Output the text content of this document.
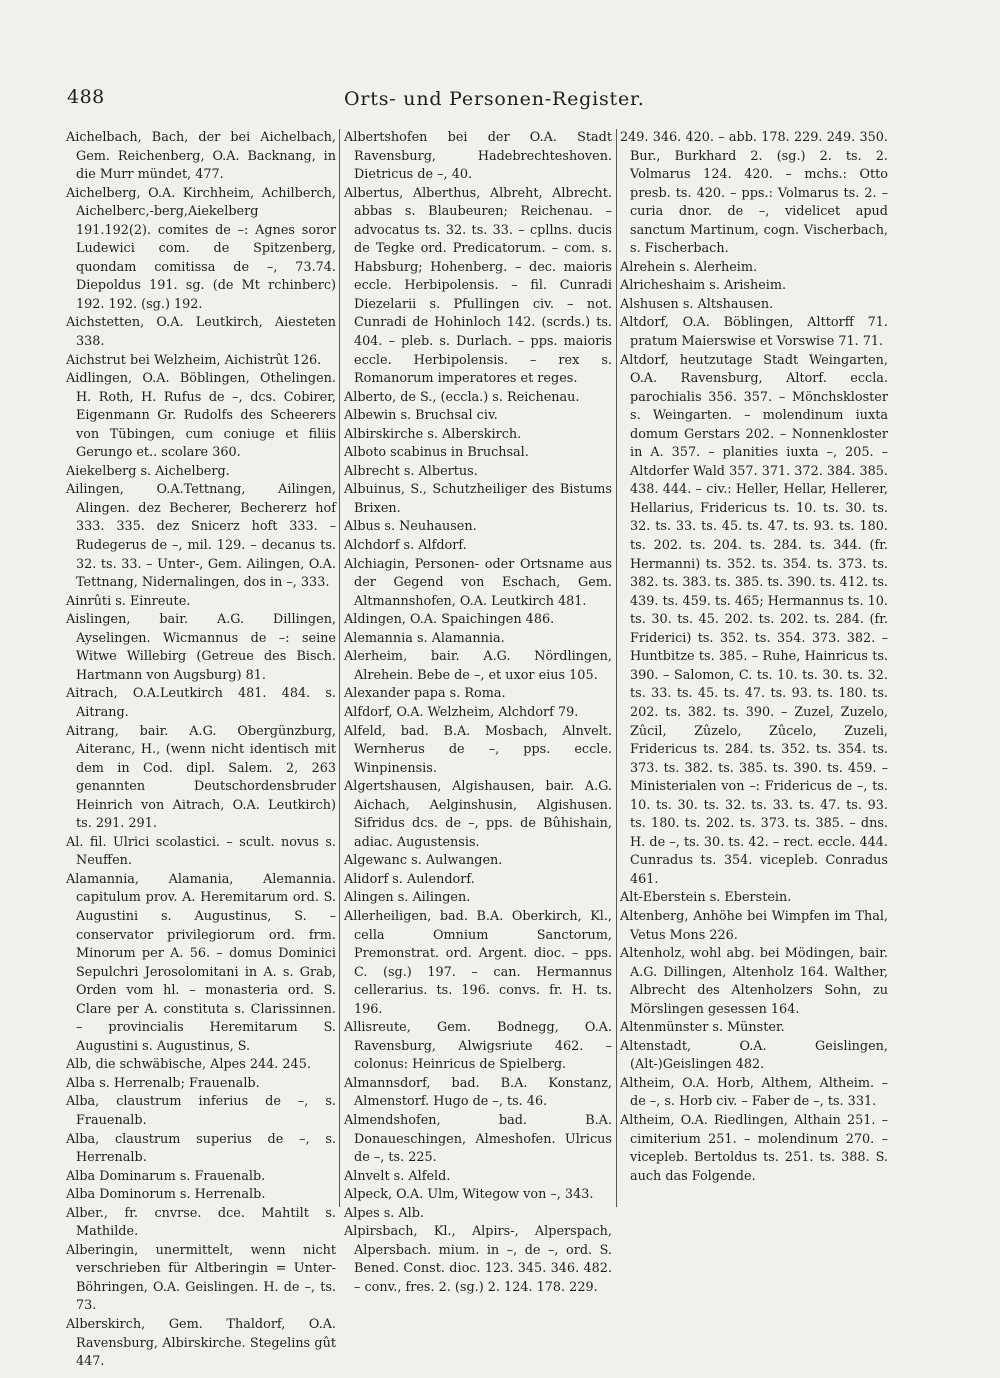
488	Orts- und Personen-Register.

Aichelbach, Bach, der bei Aichelbach, Gem. Reichenberg, O.A. Backnang, in die Murr mündet, 477.

Aichelberg, O.A. Kirchheim, Achilberch, Aichelberc,-berg,Aiekelberg 191.192(2). comites de –: Agnes soror Ludewici com. de Spitzenberg, quondam comitissa de –, 73.74. Diepoldus 191. sg. (de Mt rchinberc) 192. 192. (sg.) 192.

Aichstetten, O.A. Leutkirch, Aiesteten 338.

Aichstrut bei Welzheim, Aichistrût 126.

Aidlingen, O.A. Böblingen, Othelingen. H. Roth, H. Rufus de –, dcs. Cobirer, Eigenmann Gr. Rudolfs des Scheerers von Tübingen, cum coniuge et filiis Gerungo et.. scolare 360.

Aiekelberg s. Aichelberg.

Ailingen, O.A.Tettnang, Ailingen, Alingen. dez Becherer, Bechererz hof 333. 335. dez Snicerz hoft 333. – Rudegerus de –, mil. 129. – decanus ts. 32. ts. 33. – Unter-, Gem. Ailingen, O.A. Tettnang, Nidernalingen, dos in –, 333.

Ainrûti s. Einreute.

Aislingen, bair. A.G. Dillingen, Ayselingen. Wicmannus de –: seine Witwe Willebirg (Getreue des Bisch. Hartmann von Augsburg) 81.

Aitrach, O.A.Leutkirch 481. 484. s. Aitrang.

Aitrang, bair. A.G. Obergünzburg, Aiteranc, H., (wenn nicht identisch mit dem in Cod. dipl. Salem. 2, 263 genannten Deutschordensbruder Heinrich von Aitrach, O.A. Leutkirch) ts. 291. 291.

Al. fil. Ulrici scolastici. – scult. novus s. Neuffen.

Alamannia, Alamania, Alemannia. capitulum prov. A. Heremitarum ord. S. Augustini s. Augustinus, S. – conservator privilegiorum ord. frm. Minorum per A. 56. – domus Dominici Sepulchri Jerosolomitani in A. s. Grab, Orden vom hl. – monasteria ord. S. Clare per A. constituta s. Clarissinnen. – provincialis Heremitarum S. Augustini s. Augustinus, S.

Alb, die schwäbische, Alpes 244. 245.

Alba s. Herrenalb; Frauenalb.

Alba, claustrum inferius de –, s. Frauenalb.

Alba, claustrum superius de –, s. Herrenalb.

Alba Dominarum s. Frauenalb.

Alba Dominorum s. Herrenalb.

Alber., fr. cnvrse. dce. Mahtilt s. Mathilde.

Alberingin, unermittelt, wenn nicht verschrieben für Altberingin = Unter-Böhringen, O.A. Geislingen. H. de –, ts. 73.

Alberskirch, Gem. Thaldorf, O.A. Ravensburg, Albirskirche. Stegelins gût 447.

Albertshofen bei der O.A. Stadt Ravensburg, Hadebrechteshoven. Dietricus de –, 40.

Albertus, Alberthus, Albreht, Albrecht. abbas s. Blaubeuren; Reichenau. – advocatus ts. 32. ts. 33. – cpllns. ducis de Tegke ord. Predicatorum. – com. s. Habsburg; Hohenberg. – dec. maioris eccle. Herbipolensis. – fil. Cunradi Diezelarii s. Pfullingen civ. – not. Cunradi de Hohinloch 142. (scrds.) ts. 404. – pleb. s. Durlach. – pps. maioris eccle. Herbipolensis. – rex s. Romanorum imperatores et reges.

Alberto, de S., (eccla.) s. Reichenau.

Albewin s. Bruchsal civ.

Albirskirche s. Alberskirch.

Alboto scabinus in Bruchsal.

Albrecht s. Albertus.

Albuinus, S., Schutzheiliger des Bistums Brixen.

Albus s. Neuhausen.

Alchdorf s. Alfdorf.

Alchiagin, Personen- oder Ortsname aus der Gegend von Eschach, Gem. Altmannshofen, O.A. Leutkirch 481.

Aldingen, O.A. Spaichingen 486.

Alemannia s. Alamannia.

Alerheim, bair. A.G. Nördlingen, Alrehein. Bebe de –, et uxor eius 105.

Alexander papa s. Roma.

Alfdorf, O.A. Welzheim, Alchdorf 79.

Alfeld, bad. B.A. Mosbach, Alnvelt. Wernherus de –, pps. eccle. Winpinensis.

Algertshausen, Algishausen, bair. A.G. Aichach, Aelginshusin, Algishusen. Sifridus dcs. de –, pps. de Bûhishain, adiac. Augustensis.

Algewanc s. Aulwangen.

Alidorf s. Aulendorf.

Alingen s. Ailingen.

Allerheiligen, bad. B.A. Oberkirch, Kl., cella Omnium Sanctorum, Premonstrat. ord. Argent. dioc. – pps. C. (sg.) 197. – can. Hermannus cellerarius. ts. 196. convs. fr. H. ts. 196.

Allisreute, Gem. Bodnegg, O.A. Ravensburg, Alwigsriute 462. – colonus: Heinricus de Spielberg.

Almannsdorf, bad. B.A. Konstanz, Almenstorf. Hugo de –, ts. 46.

Almendshofen, bad. B.A. Donaueschingen, Almeshofen. Ulricus de –, ts. 225.

Alnvelt s. Alfeld.

Alpeck, O.A. Ulm, Witegow von –, 343.

Alpes s. Alb.

Alpirsbach, Kl., Alpirs-, Alperspach, Alpersbach. mium. in –, de –, ord. S. Bened. Const. dioc. 123. 345. 346. 482. – conv., fres. 2. (sg.) 2. 124. 178. 229.

249. 346. 420. – abb. 178. 229. 249. 350. Bur., Burkhard 2. (sg.) 2. ts. 2. Volmarus 124. 420. – mchs.: Otto presb. ts. 420. – pps.: Volmarus ts. 2. – curia dnor. de –, videlicet apud sanctum Martinum, cogn. Vischerbach, s. Fischerbach.

Alrehein s. Alerheim.

Alricheshaim s. Arisheim.

Alshusen s. Altshausen.

Altdorf, O.A. Böblingen, Alttorff 71. pratum Maierswise et Vorswise 71. 71.

Altdorf, heutzutage Stadt Weingarten, O.A. Ravensburg, Altorf. eccla. parochialis 356. 357. – Mönchskloster s. Weingarten. – molendinum iuxta domum Gerstars 202. – Nonnenkloster in A. 357. – planities iuxta –, 205. – Altdorfer Wald 357. 371. 372. 384. 385. 438. 444. – civ.: Heller, Hellar, Hellerer, Hellarius, Fridericus ts. 10. ts. 30. ts. 32. ts. 33. ts. 45. ts. 47. ts. 93. ts. 180. ts. 202. ts. 204. ts. 284. ts. 344. (fr. Hermanni) ts. 352. ts. 354. ts. 373. ts. 382. ts. 383. ts. 385. ts. 390. ts. 412. ts. 439. ts. 459. ts. 465; Hermannus ts. 10. ts. 30. ts. 45. 202. ts. 202. ts. 284. (fr. Friderici) ts. 352. ts. 354. 373. 382. – Huntbitze ts. 385. – Ruhe, Hainricus ts. 390. – Salomon, C. ts. 10. ts. 30. ts. 32. ts. 33. ts. 45. ts. 47. ts. 93. ts. 180. ts. 202. ts. 382. ts. 390. – Zuzel, Zuzelo, Zûcil, Zûzelo, Zûcelo, Zuzeli, Fridericus ts. 284. ts. 352. ts. 354. ts. 373. ts. 382. ts. 385. ts. 390. ts. 459. – Ministerialen von –: Fridericus de –, ts. 10. ts. 30. ts. 32. ts. 33. ts. 47. ts. 93. ts. 180. ts. 202. ts. 373. ts. 385. – dns. H. de –, ts. 30. ts. 42. – rect. eccle. 444. Cunradus ts. 354. vicepleb. Conradus 461.

Alt-Eberstein s. Eberstein.

Altenberg, Anhöhe bei Wimpfen im Thal, Vetus Mons 226.

Altenholz, wohl abg. bei Mödingen, bair. A.G. Dillingen, Altenholz 164. Walther, Albrecht des Altenholzers Sohn, zu Mörslingen gesessen 164.

Altenmünster s. Münster.

Altenstadt, O.A. Geislingen, (Alt-)Geislingen 482.

Altheim, O.A. Horb, Althem, Altheim. – de –, s. Horb civ. – Faber de –, ts. 331.

Altheim, O.A. Riedlingen, Althain 251. – cimiterium 251. – molendinum 270. – vicepleb. Bertoldus ts. 251. ts. 388. S. auch das Folgende.
